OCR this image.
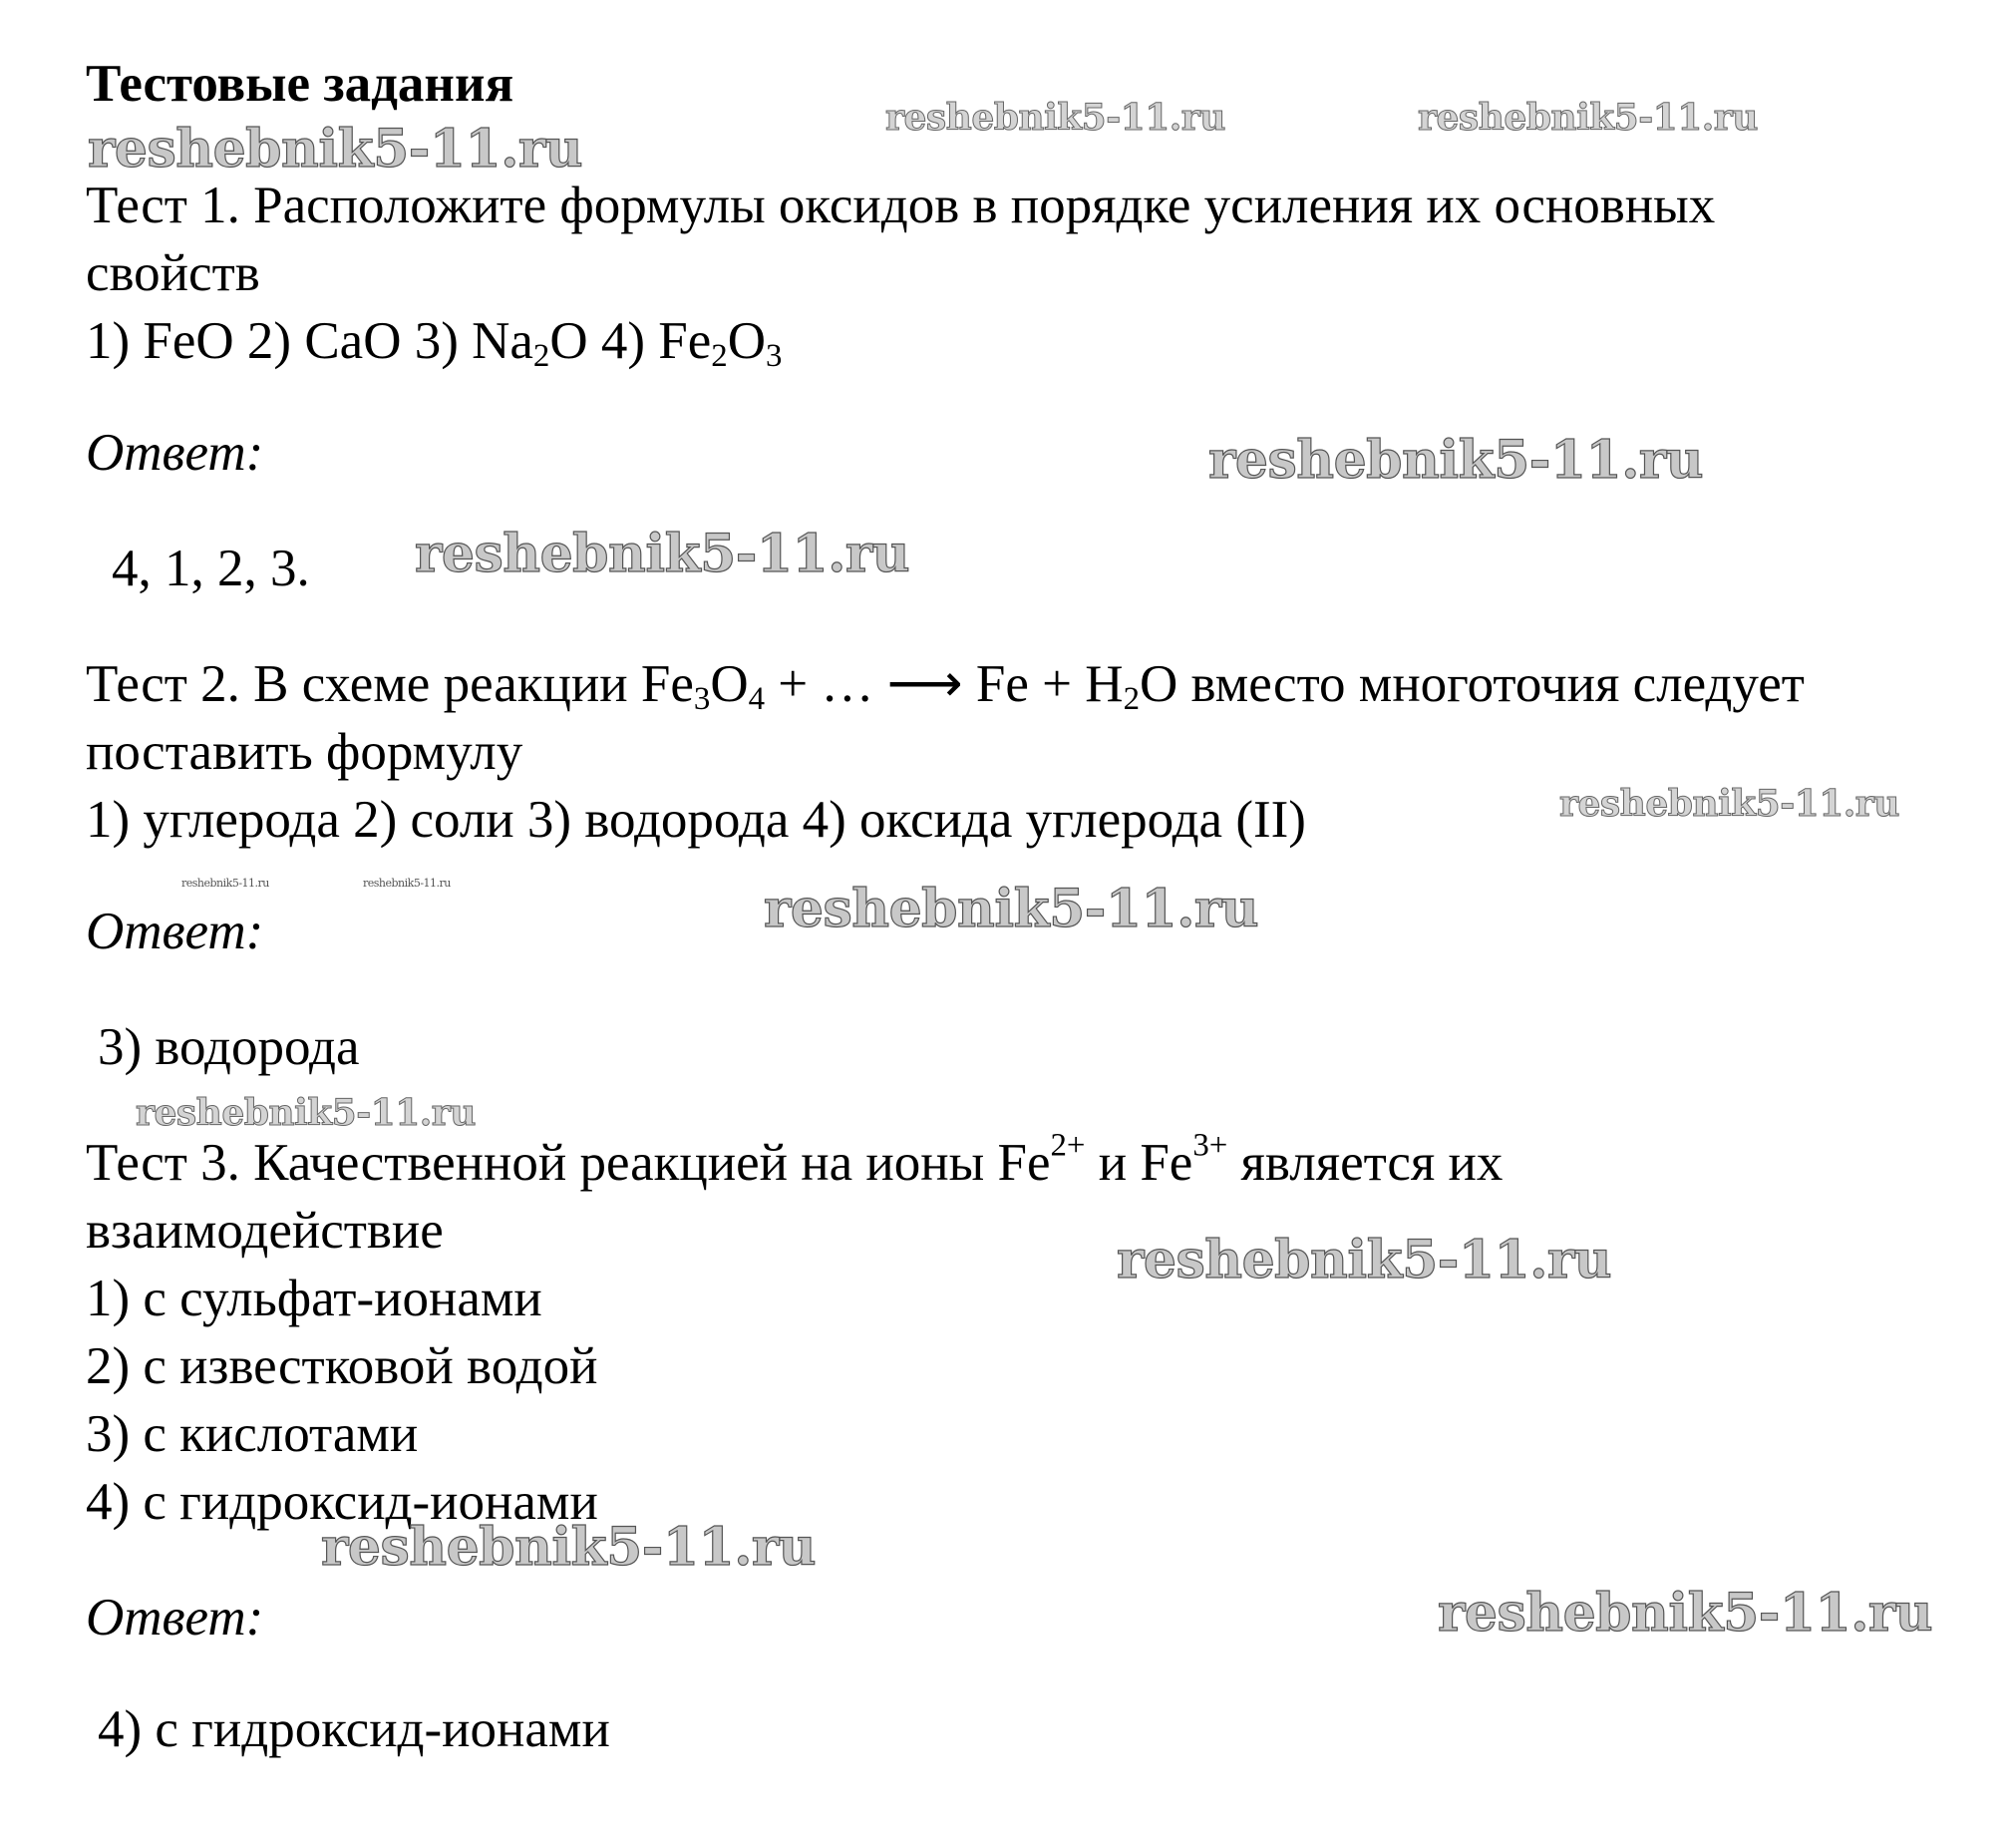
Тестовые задания
Тест 1. Расположите формулы оксидов в порядке усиления их основных
свойств
1) FeO 2) CaO 3) $Na_2O$ 4) $Fe_2O_3$
Ответ:
4, 1, 2, 3.
Тест 2. В схеме реакции $Fe_3O_4$ + … ⟶ $Fe + H_2O$ вместо многоточия следует
поставить формулу
1) углерода 2) соли 3) водорода 4) оксида углерода (II)
Ответ:
3) водорода
Тест 3. Качественной реакцией на ионы $Fe^{2+}$ и $Fe^{3+}$ является их
взаимодействие
1) с сульфат-ионами
2) с известковой водой
3) с кислотами
4) с гидроксид-ионами
Ответ:
4) с гидроксид-ионами
reshebnik5-11.ru
reshebnik5-11.ru	reshebnik5-11.ru
reshebnik5-11.ru
reshebnik5-11.ru
reshebnik5-11.ru
reshebnik5-11.ru	reshebnik5-11.ru	reshebnik5-11.ru
reshebnik5-11.ru
reshebnik5-11.ru
reshebnik5-11.ru
reshebnik5-11.ru
